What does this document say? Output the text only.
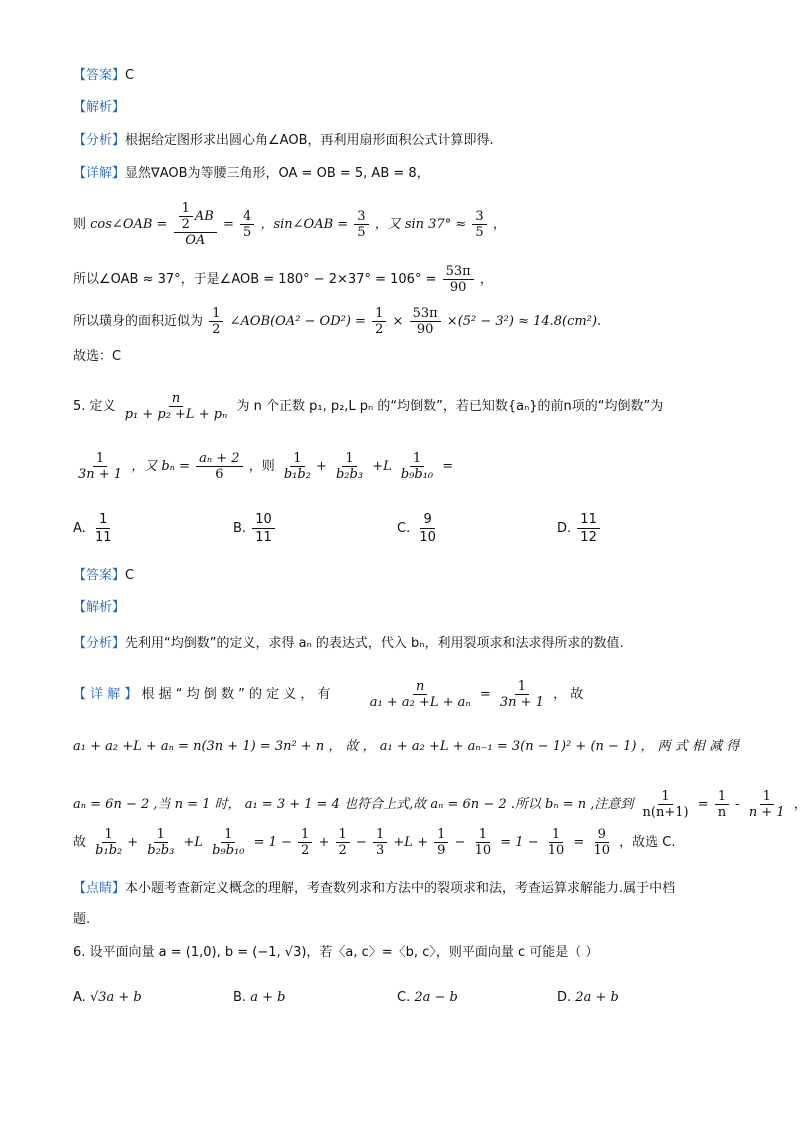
【答案】C
【解析】
【分析】根据给定图形求出圆心角∠AOB，再利用扇形面积公式计算即得.
【详解】显然∇AOB为等腰三角形，OA = OB = 5, AB = 8，
则 cos∠OAB = $\frac{\frac{1}{2} AB}{OA} = \frac{4}{5}$ ，sin∠OAB = $\frac{3}{5}$ ，又 $\sin 37^\circ \approx \frac{3}{5}$ ，
所以∠OAB ≈ 37°，于是∠AOB = $180^\circ - 2\times 37^\circ = 106^\circ = \frac{53\pi}{90}$ ，
所以璜身的面积近似为 $\frac{1}{2}$ ∠AOB(OA² − $OD^2) = \frac{1}{2} \times \frac{53\pi}{90} \times(5^2 - 3^2) \approx 14.8(cm^2)$.
故选：C
5. 定义 $\frac{n}{\text{p₁ + p₂ +L + pₙ}}$ 为 n 个正数 p₁, p₂,L pₙ 的“均倒数”，若已知数{aₙ}的前n项的“均倒数”为
$\frac{1}{3n + 1}$ ，又 $b_n = \frac{\text{aₙ + 2}}{6}$ ，则 $\frac{1}{\text{b₁b₂}} + \frac{1}{\text{b₂b₃}} +L \frac{1}{\text{b₉b₁₀}}$ =
A. $\frac{1}{11}$	B. $\frac{10}{11}$	C. $\frac{9}{10}$	D. $\frac{11}{12}$
【答案】C
【解析】
【分析】先利用“均倒数”的定义，求得 aₙ 的表达式，代入 bₙ，利用裂项求和法求得所求的数值.
【 详 解 】 根 据 “ 均 倒 数 ” 的 定 义 ， 有	$\frac{n}{\text{a₁ + a₂ +L + aₙ}} = \frac{1}{3n + 1}$ ， 故
a₁ + a₂ +L + aₙ = n(3n + 1) = 3n² + n ， 故 ， a₁ + a₂ +L + aₙ₋₁ = 3(n − 1)² + (n − 1) ， 两 式 相 减 得
aₙ = 6n − 2 ,当 n = 1 时， a₁ = 3 + 1 = 4 也符合上式,故 aₙ = 6n − 2 .所以 bₙ = n ,注意到 $\frac{1}{n(n+1)} = \frac{1}{n} - \frac{1}{n + 1}$ ，
故 $\frac{1}{\text{b₁b₂}} + \frac{1}{\text{b₂b₃}} +L \frac{1}{\text{b₉b₁₀}} = 1 - \frac{1}{2} + \frac{1}{2} - \frac{1}{3} +L + \frac{1}{9} - \frac{1}{10} = 1 - \frac{1}{10} = \frac{9}{10}$ ，故选 C.
【点睛】本小题考查新定义概念的理解，考查数列求和方法中的裂项求和法，考查运算求解能力.属于中档
题.
6. 设平面向量 a = (1,0), b = (−1, √3)，若〈a, c〉=〈b, c〉，则平面向量 c 可能是（ ）
A. √3a + b	B. a + b	C. 2a − b	D. 2a + b
